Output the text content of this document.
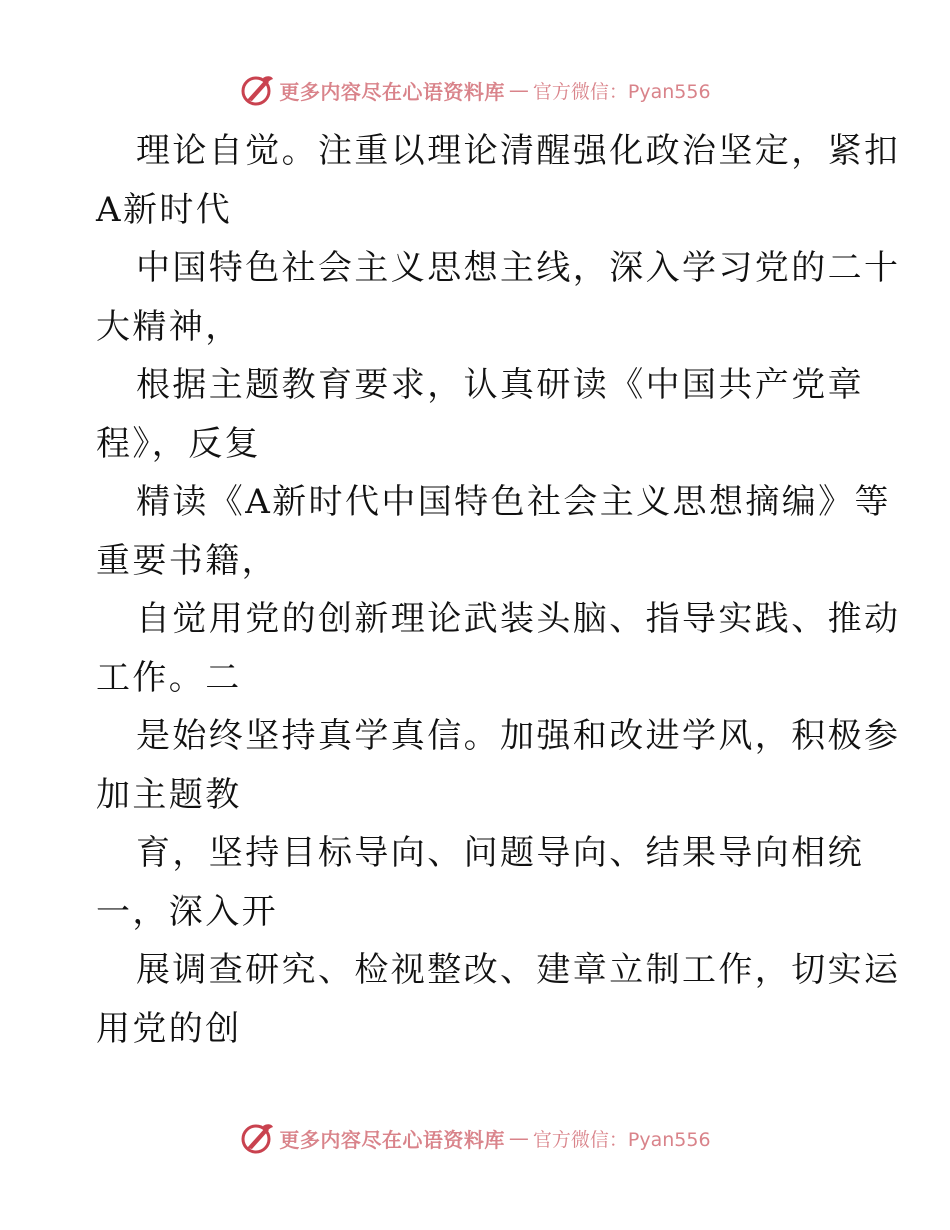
更多内容尽在心语资料库 — 官方微信：Pyan556
理论自觉。注重以理论清醒强化政治坚定，紧扣
A新时代
中国特色社会主义思想主线，深入学习党的二十
大精神，
根据主题教育要求，认真研读《中国共产党章
程》，反复
精读《A新时代中国特色社会主义思想摘编》等
重要书籍，
自觉用党的创新理论武装头脑、指导实践、推动
工作。二
是始终坚持真学真信。加强和改进学风，积极参
加主题教
育，坚持目标导向、问题导向、结果导向相统
一，深入开
展调查研究、检视整改、建章立制工作，切实运
用党的创
更多内容尽在心语资料库 — 官方微信：Pyan556
